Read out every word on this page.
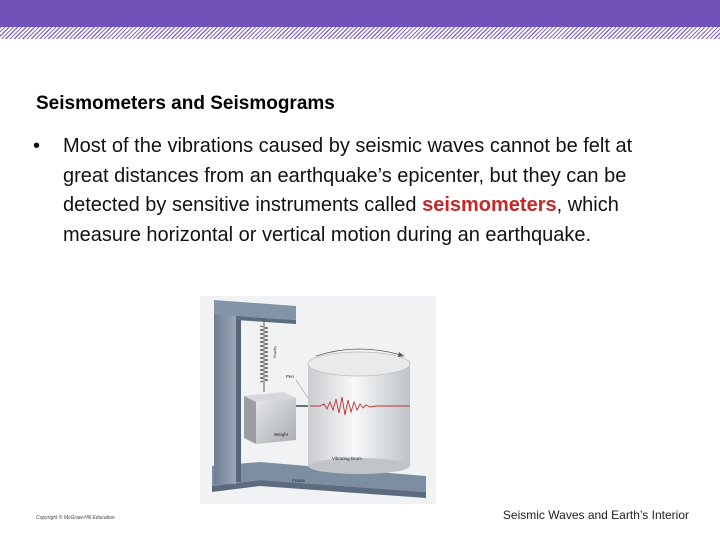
Seismometers and Seismograms
• Most of the vibrations caused by seismic waves cannot be felt at great distances from an earthquake’s epicenter, but they can be detected by sensitive instruments called seismometers, which measure horizontal or vertical motion during an earthquake.
Spring
Weight
Pen
Vibrating Drum
Frame
Copyright © McGraw-Hill Education	Seismic Waves and Earth’s Interior
